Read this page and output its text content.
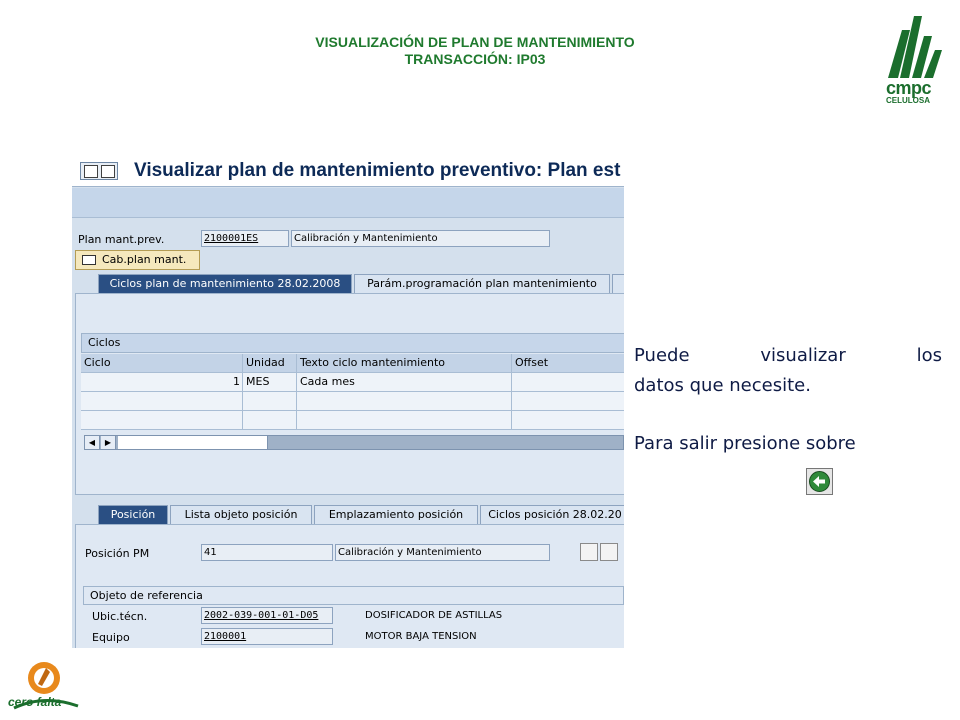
VISUALIZACIÓN DE PLAN DE MANTENIMIENTO
TRANSACCIÓN: IP03
cmpc
CELULOSA
Visualizar plan de mantenimiento preventivo: Plan est
Plan mant.prev.	2100001ES	Calibración y Mantenimiento
Cab.plan mant.
Ciclos plan de mantenimiento 28.02.2008	Parám.programación plan mantenimiento
Ciclos
Ciclo	Unidad	Texto ciclo mantenimiento	Offset
1 MES	Cada mes
◀	▶
Posición	Lista objeto posición	Emplazamiento posición	Ciclos posición 28.02.20
Posición PM	41	Calibración y Mantenimiento
Objeto de referencia
Ubic.técn.	2002-039-001-01-D05	DOSIFICADOR DE ASTILLAS
Equipo	2100001	MOTOR BAJA TENSION
Puede	visualizar	los
datos que necesite.
Para salir presione sobre
cero falta
